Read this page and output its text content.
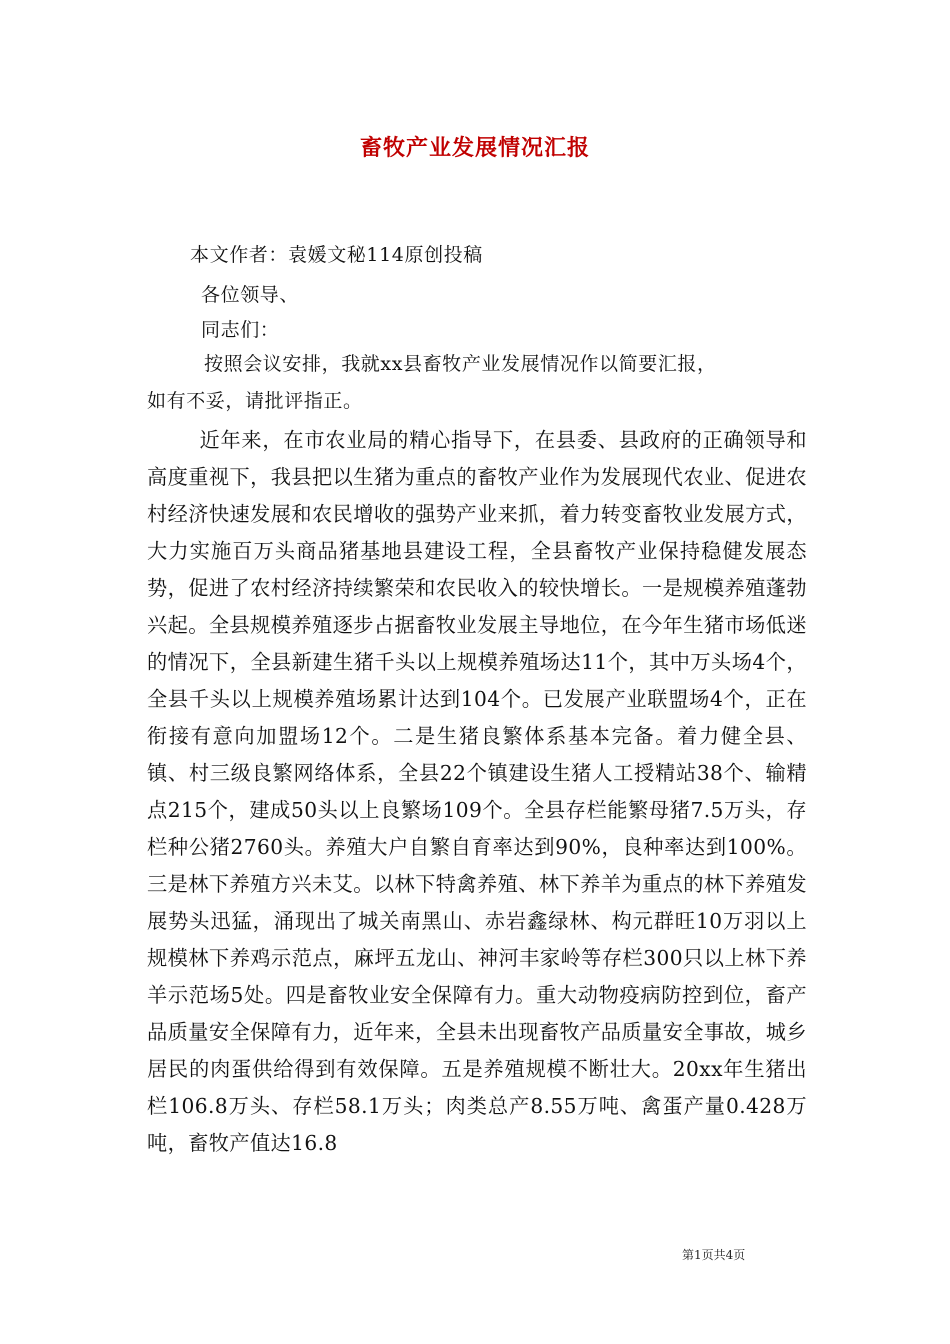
畜牧产业发展情况汇报
本文作者：袁媛文秘114原创投稿
各位领导、
同志们：
按照会议安排，我就xx县畜牧产业发展情况作以简要汇报，
如有不妥，请批评指正。
近年来，在市农业局的精心指导下，在县委、县政府的正确领导和高度重视下，我县把以生猪为重点的畜牧产业作为发展现代农业、促进农村经济快速发展和农民增收的强势产业来抓，着力转变畜牧业发展方式，大力实施百万头商品猪基地县建设工程，全县畜牧产业保持稳健发展态势，促进了农村经济持续繁荣和农民收入的较快增长。一是规模养殖蓬勃兴起。全县规模养殖逐步占据畜牧业发展主导地位，在今年生猪市场低迷的情况下，全县新建生猪千头以上规模养殖场达11个，其中万头场4个，全县千头以上规模养殖场累计达到104个。已发展产业联盟场4个，正在衔接有意向加盟场12个。二是生猪良繁体系基本完备。着力健全县、镇、村三级良繁网络体系，全县22个镇建设生猪人工授精站38个、输精点215个，建成50头以上良繁场109个。全县存栏能繁母猪7.5万头，存栏种公猪2760头。养殖大户自繁自育率达到90%，良种率达到100%。三是林下养殖方兴未艾。以林下特禽养殖、林下养羊为重点的林下养殖发展势头迅猛，涌现出了城关南黑山、赤岩鑫绿林、构元群旺10万羽以上规模林下养鸡示范点，麻坪五龙山、神河丰家岭等存栏300只以上林下养羊示范场5处。四是畜牧业安全保障有力。重大动物疫病防控到位，畜产品质量安全保障有力，近年来，全县未出现畜牧产品质量安全事故，城乡居民的肉蛋供给得到有效保障。五是养殖规模不断壮大。20xx年生猪出栏106.8万头、存栏58.1万头；肉类总产8.55万吨、禽蛋产量0.428万吨，畜牧产值达16.8
第1页共4页
